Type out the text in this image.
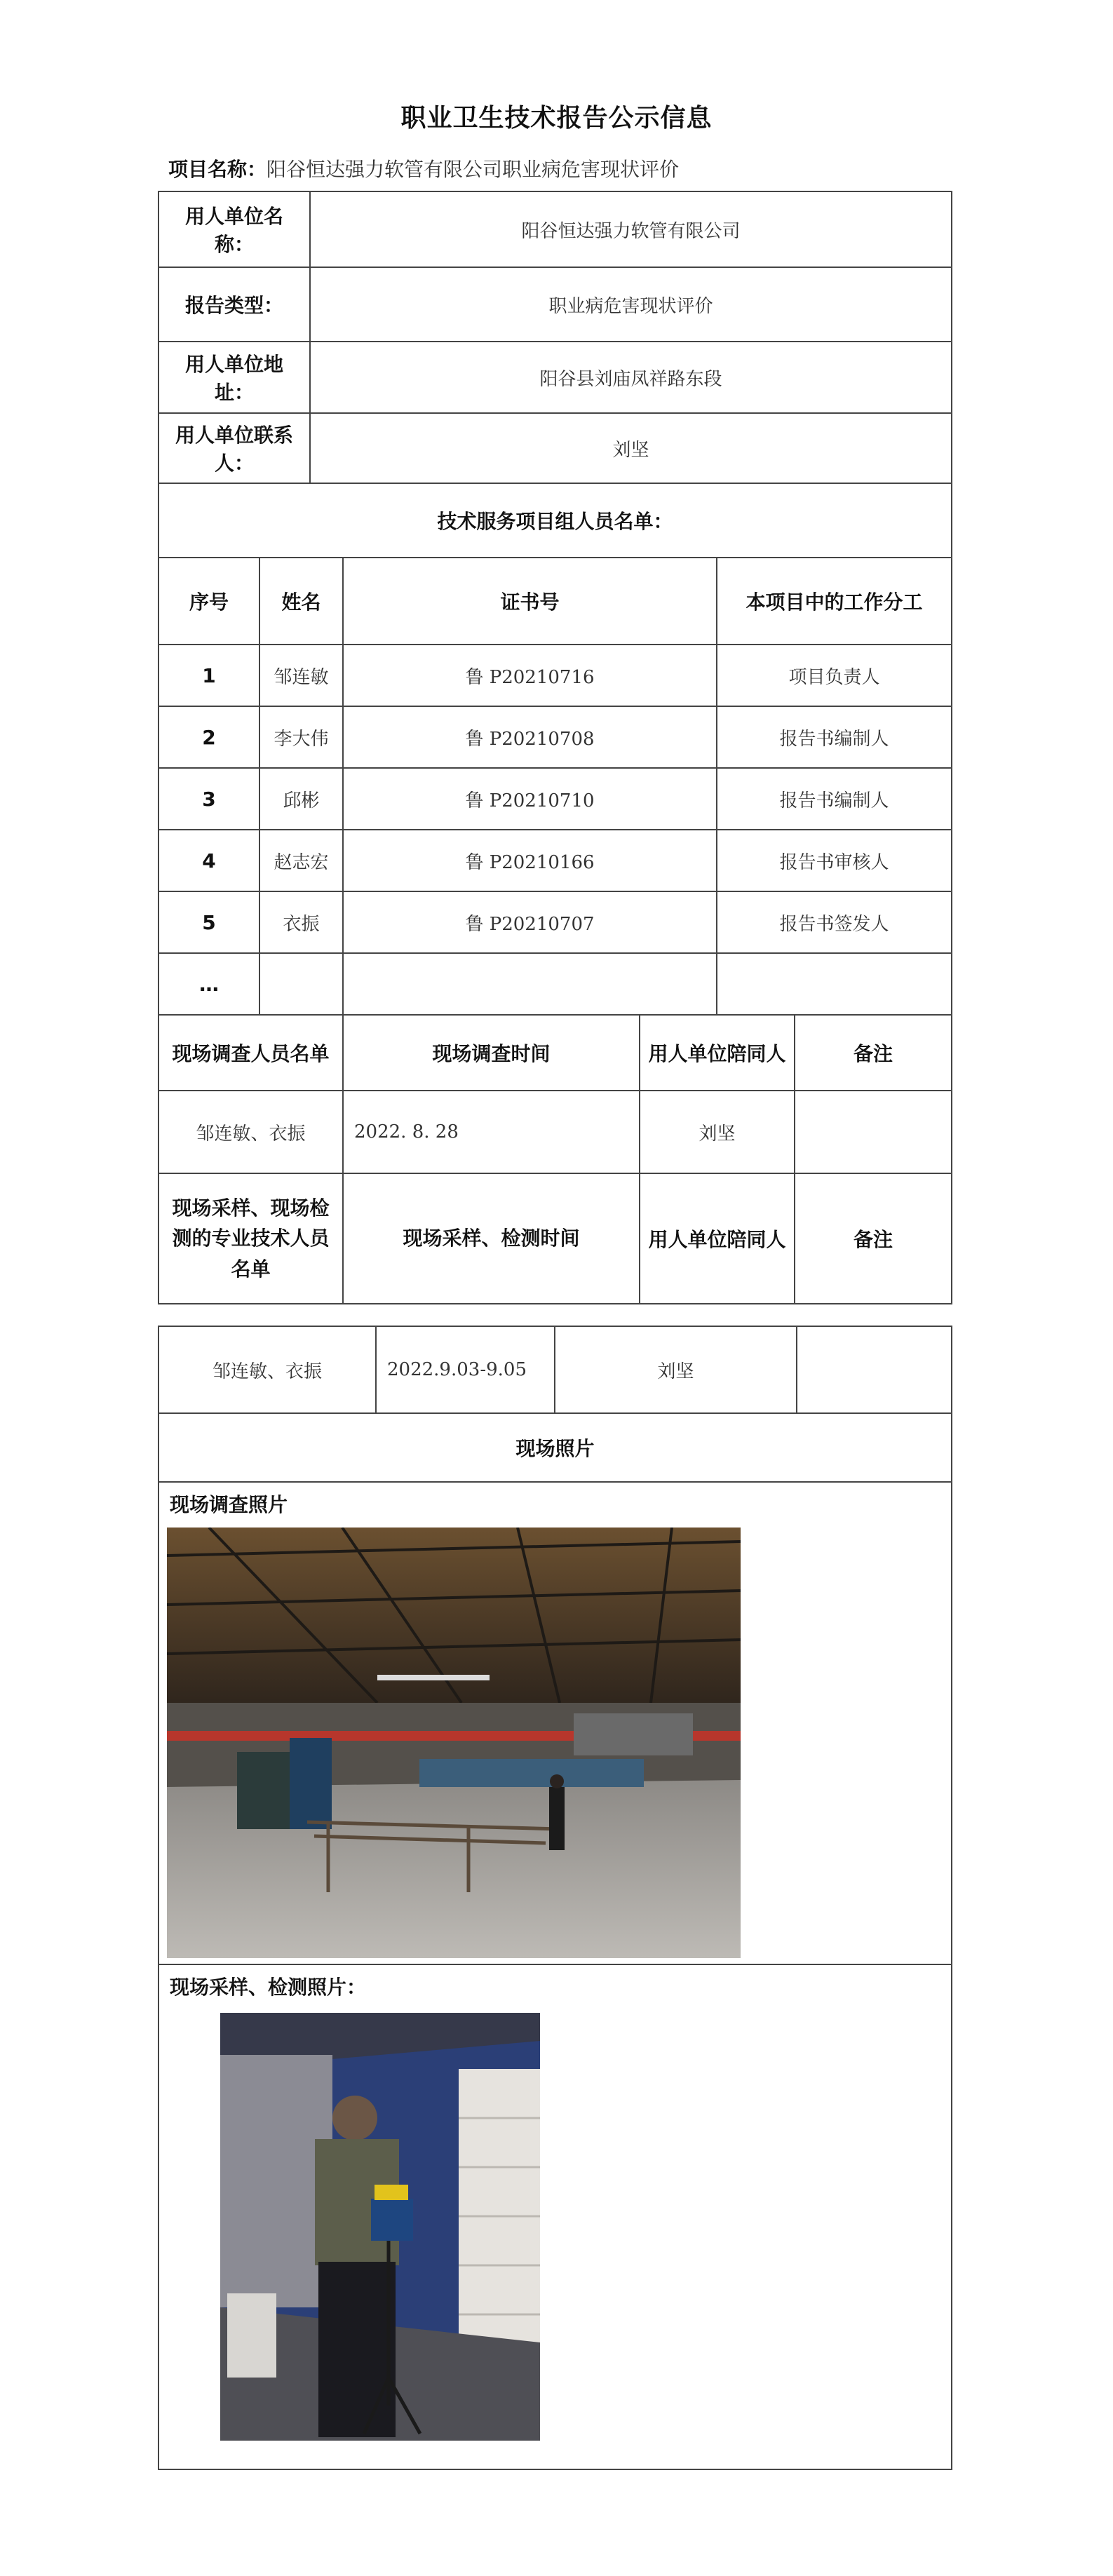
职业卫生技术报告公示信息
项目名称：阳谷恒达强力软管有限公司职业病危害现状评价
用人单位名称：		阳谷恒达强力软管有限公司				
报告类型：		职业病危害现状评价				
用人单位地址：		阳谷县刘庙凤祥路东段				
用人单位联系人：		刘坚				
技术服务项目组人员名单：						
序号	姓名		证书号		本项目中的工作分工	
1	邹连敏		鲁 P20210716		项目负责人	
2	李大伟		鲁 P20210708		报告书编制人	
3	邱彬		鲁 P20210710		报告书编制人	
4	赵志宏		鲁 P20210166		报告书审核人	
5	衣振		鲁 P20210707		报告书签发人	
…						
现场调查人员名单			现场调查时间	用人单位陪同人		备注
邹连敏、衣振			2022. 8. 28	刘坚		
现场采样、现场检测的专业技术人员名单			现场采样、检测时间	用人单位陪同人		备注
邹连敏、衣振	2022.9.03-9.05	刘坚	
现场照片

现场调查照片

现场采样、检测照片：
